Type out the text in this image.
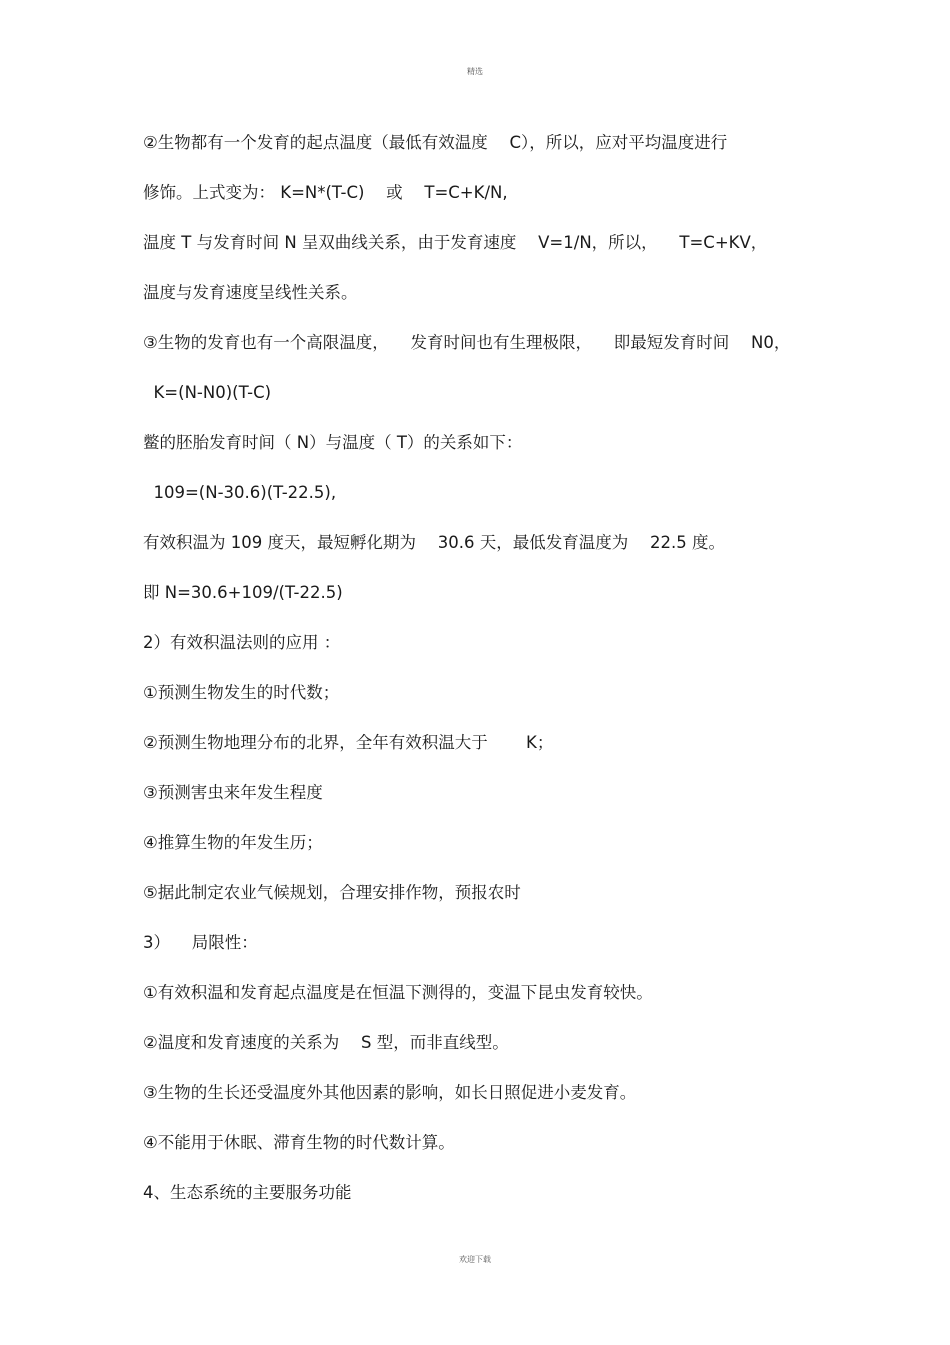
精选
②生物都有一个发育的起点温度（最低有效温度 　C），所以，应对平均温度进行
修饰。上式变为： K=N*(T-C) 　或 　T=C+K/N,
温度 T 与发育时间 N 呈双曲线关系，由于发育速度 　V=1/N，所以， 　T=C+KV，
温度与发育速度呈线性关系。
③生物的发育也有一个高限温度， 　发育时间也有生理极限， 　即最短发育时间 　N0，
K=(N-N0)(T-C)
鳖的胚胎发育时间（ N）与温度（ T）的关系如下：
109=(N-30.6)(T-22.5),
有效积温为 109 度天，最短孵化期为 　30.6 天，最低发育温度为 　22.5 度。
即 N=30.6+109/(T-22.5)
2）有效积温法则的应用 ：
①预测生物发生的时代数；
②预测生物地理分布的北界，全年有效积温大于 　　K；
③预测害虫来年发生程度
④推算生物的年发生历；
⑤据此制定农业气候规划，合理安排作物，预报农时
3） 　局限性：
①有效积温和发育起点温度是在恒温下测得的，变温下昆虫发育较快。
②温度和发育速度的关系为 　S 型，而非直线型。
③生物的生长还受温度外其他因素的影响，如长日照促进小麦发育。
④不能用于休眠、滞育生物的时代数计算。
4、生态系统的主要服务功能
欢迎下载
